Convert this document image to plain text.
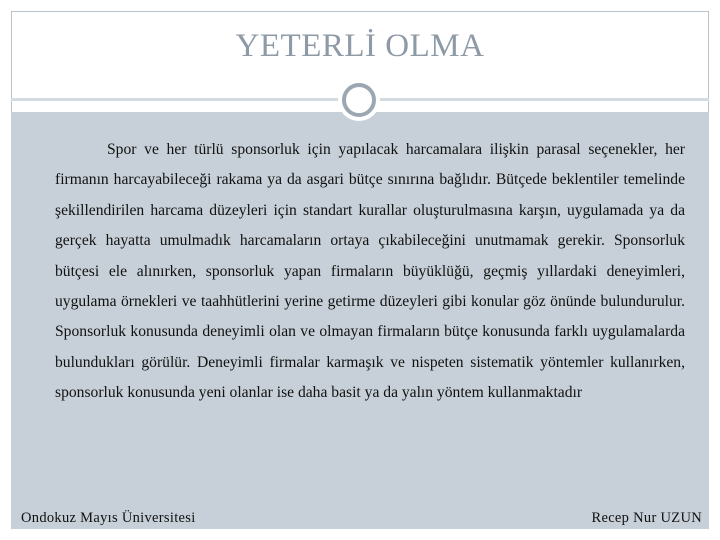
YETERLİ OLMA

Spor ve her türlü sponsorluk için yapılacak harcamalara ilişkin parasal seçenekler, her firmanın harcayabileceği rakama ya da asgari bütçe sınırına bağlıdır. Bütçede beklentiler temelinde şekillendirilen harcama düzeyleri için standart kurallar oluşturulmasına karşın, uygulamada ya da gerçek hayatta umulmadık harcamaların ortaya çıkabileceğini unutmamak gerekir. Sponsorluk bütçesi ele alınırken, sponsorluk yapan firmaların büyüklüğü, geçmiş yıllardaki deneyimleri, uygulama örnekleri ve taahhütlerini yerine getirme düzeyleri gibi konular göz önünde bulundurulur. Sponsorluk konusunda deneyimli olan ve olmayan firmaların bütçe konusunda farklı uygulamalarda bulundukları görülür. Deneyimli firmalar karmaşık ve nispeten sistematik yöntemler kullanırken, sponsorluk konusunda yeni olanlar ise daha basit ya da yalın yöntem kullanmaktadır

Ondokuz Mayıs Üniversitesi	Recep Nur UZUN
